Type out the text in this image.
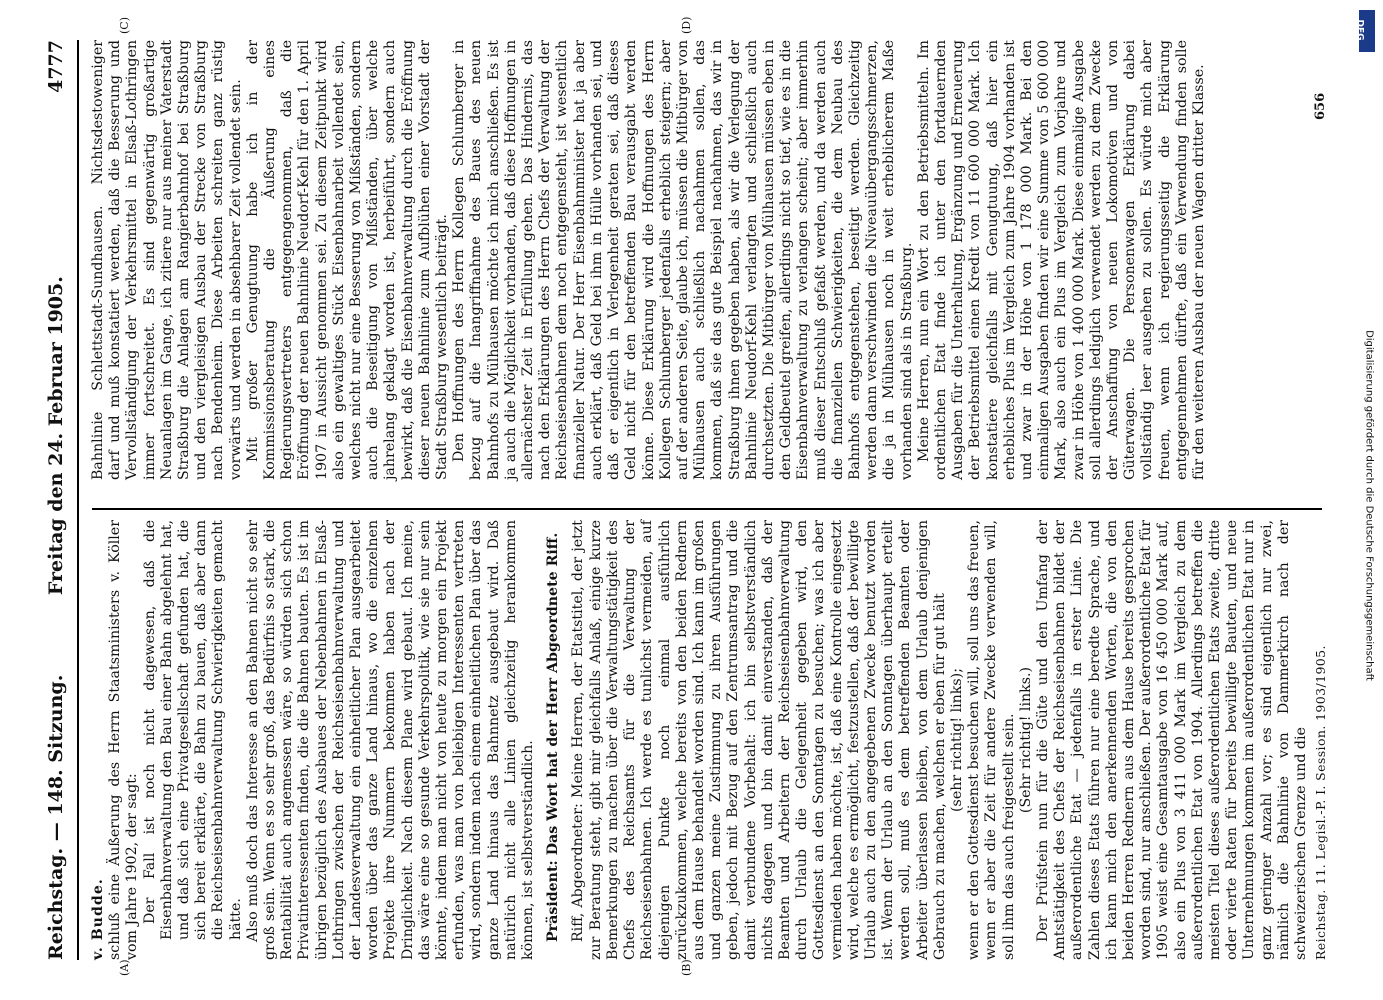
Reichstag. — 148. Sitzung.
Freitag den 24. Februar 1905.  4777
(A)	(B)
(C)	(D)

v. Budde. schluß eine Äußerung des Herrn Staatsministers v. Köller vom Jahre 1902, der sagt: Der Fall ist noch nicht dagewesen, daß die Eisenbahnverwaltung den Bau einer Bahn abgelehnt hat, und daß sich eine Privatgesellschaft gefunden hat, die sich bereit erklärte, die Bahn zu bauen, daß aber dann die Reichseisenbahnverwaltung Schwierigkeiten gemacht hätte. Also muß doch das Interesse an den Bahnen nicht so sehr groß sein. Wenn es so sehr groß, das Bedürfnis so stark, die Rentabilität auch angemessen wäre, so würden sich schon Privatinteressenten finden, die die Bahnen bauten. Es ist im übrigen bezüglich des Ausbaues der Nebenbahnen in Elsaß-Lothringen zwischen der Reichseisenbahnverwaltung und der Landesverwaltung ein einheitlicher Plan ausgearbeitet worden über das ganze Land hinaus, wo die einzelnen Projekte ihre Nummern bekommen haben nach der Dringlichkeit. Nach diesem Plane wird gebaut. Ich meine, das wäre eine so gesunde Verkehrspolitik, wie sie nur sein könnte, indem man nicht von heute zu morgen ein Projekt erfunden, was man von beliebigen Interessenten vertreten wird, sondern indem nach einem einheitlichen Plan über das ganze Land hinaus das Bahnnetz ausgebaut wird. Daß natürlich nicht alle Linien gleichzeitig herankommen können, ist selbstverständlich. Präsident: Das Wort hat der Herr Abgeordnete Riff. Riff, Abgeordneter: Meine Herren, der Etatstitel, der jetzt zur Beratung steht, gibt mir gleichfalls Anlaß, einige kurze Bemerkungen zu machen über die Verwaltungstätigkeit des Chefs des Reichsamts für die Verwaltung der Reichseisenbahnen. Ich werde es tunlichst vermeiden, auf diejenigen Punkte noch einmal ausführlich zurückzukommen, welche bereits von den beiden Rednern aus dem Hause behandelt worden sind. Ich kann im großen und ganzen meine Zustimmung zu ihren Ausführungen geben, jedoch mit Bezug auf den Zentrumsantrag und die damit verbundene Vorbehalt: ich bin selbstverständlich nichts dagegen und bin damit einverstanden, daß der Beamten und Arbeitern der Reichseisenbahnverwaltung durch Urlaub die Gelegenheit gegeben wird, den Gottesdienst an den Sonntagen zu besuchen; was ich aber vermieden haben möchte, ist, daß eine Kontrolle eingesetzt wird, welche es ermöglicht, festzustellen, daß der bewilligte Urlaub auch zu den angegebenen Zwecke benutzt worden ist. Wenn der Urlaub an den Sonntagen überhaupt erteilt werden soll, muß es dem betreffenden Beamten oder Arbeiter überlassen bleiben, von dem Urlaub denjenigen Gebrauch zu machen, welchen er eben für gut hält (sehr richtig! links); wenn er den Gottesdienst besuchen will, soll uns das freuen, wenn er aber die Zeit für andere Zwecke verwenden will, soll ihm das auch freigestellt sein. (Sehr richtig! links.) Der Prüfstein nun für die Güte und den Umfang der Amtstätigkeit des Chefs der Reichseisenbahnen bildet der außerordentliche Etat — jedenfalls in erster Linie. Die Zahlen dieses Etats führen nur eine beredte Sprache, und ich kann mich den anerkennenden Worten, die von den beiden Herren Rednern aus dem Hause bereits gesprochen worden sind, nur anschließen. Der außerordentliche Etat für 1905 weist eine Gesamtausgabe von 16 450 000 Mark auf, also ein Plus von 3 411 000 Mark im Vergleich zu dem außerordentlichen Etat von 1904. Allerdings betreffen die meisten Titel dieses außerordentlichen Etats zweite, dritte oder vierte Raten für bereits bewilligte Bauten, und neue Unternehmungen kommen im außerordentlichen Etat nur in ganz geringer Anzahl vor; es sind eigentlich nur zwei, nämlich die Bahnlinie von Dammerkirch nach der schweizerischen Grenze und die

Bahnlinie Schlettstadt-Sundhausen. Nichtsdestoweniger darf und muß konstatiert werden, daß die Besserung und Vervollständigung der Verkehrsmittel in Elsaß-Lothringen immer fortschreitet. Es sind gegenwärtig großartige Neuanlagen im Gange, ich zitiere nur aus meiner Vaterstadt Straßburg die Anlagen am Rangierbahnhof bei Straßburg und den viergleisigen Ausbau der Strecke von Straßburg nach Bendenheim. Diese Arbeiten schreiten ganz rüstig vorwärts und werden in absehbarer Zeit vollendet sein. Mit großer Genugtuung habe ich in der Kommissionsberatung die Äußerung eines Regierungsvertreters entgegengenommen, daß die Eröffnung der neuen Bahnlinie Neudorf-Kehl für den 1. April 1907 in Aussicht genommen sei. Zu diesem Zeitpunkt wird also ein gewaltiges Stück Eisenbahnarbeit vollendet sein, welches nicht nur eine Besserung von Mißständen, sondern auch die Beseitigung von Mißständen, über welche jahrelang geklagt worden ist, herbeiführt, sondern auch bewirkt, daß die Eisenbahnverwaltung durch die Eröffnung dieser neuen Bahnlinie zum Aufblühen einer Vorstadt der Stadt Straßburg wesentlich beiträgt. Den Hoffnungen des Herrn Kollegen Schlumberger in bezug auf die Inangriffnahme des Baues des neuen Bahnhofs zu Mülhausen möchte ich mich anschließen. Es ist ja auch die Möglichkeit vorhanden, daß diese Hoffnungen in allernächster Zeit in Erfüllung gehen. Das Hindernis, das nach den Erklärungen des Herrn Chefs der Verwaltung der Reichseisenbahnen dem noch entgegensteht, ist wesentlich finanzieller Natur. Der Herr Eisenbahnminister hat ja aber auch erklärt, daß Geld bei ihm in Hülle vorhanden sei, und daß er eigentlich in Verlegenheit geraten sei, daß dieses Geld nicht für den betreffenden Bau verausgabt werden könne. Diese Erklärung wird die Hoffnungen des Herrn Kollegen Schlumberger jedenfalls erheblich steigern; aber auf der anderen Seite, glaube ich, müssen die Mitbürger von Mülhausen auch schließlich nachahmen sollen, das kommen, daß sie das gute Beispiel nachahmen, das wir in Straßburg ihnen gegeben haben, als wir die Verlegung der Bahnlinie Neudorf-Kehl verlangten und schließlich auch durchsetzten. Die Mitbürger von Mülhausen müssen eben in den Geldbeutel greifen, allerdings nicht so tief, wie es in die Eisenbahnverwaltung zu verlangen scheint; aber immerhin muß dieser Entschluß gefaßt werden, und da werden auch die finanziellen Schwierigkeiten, die dem Neubau des Bahnhofs entgegenstehen, beseitigt werden. Gleichzeitig werden dann verschwinden die Niveauübergangsschmerzen, die ja in Mülhausen noch in weit erheblicherem Maße vorhanden sind als in Straßburg. Meine Herren, nun ein Wort zu den Betriebsmitteln. Im ordentlichen Etat finde ich unter den fortdauernden Ausgaben für die Unterhaltung, Ergänzung und Erneuerung der Betriebsmittel einen Kredit von 11 600 000 Mark. Ich konstatiere gleichfalls mit Genugtuung, daß hier ein erhebliches Plus im Vergleich zum Jahre 1904 vorhanden ist und zwar in der Höhe von 1 178 000 Mark. Bei den einmaligen Ausgaben finden wir eine Summe von 5 600 000 Mark, also auch ein Plus im Vergleich zum Vorjahre und zwar in Höhe von 1 400 000 Mark. Diese einmalige Ausgabe soll allerdings lediglich verwendet werden zu dem Zwecke der Anschaffung von neuen Lokomotiven und von Güterwagen. Die Personenwagen Erklärung dabei vollständig leer ausgehen zu sollen. Es würde mich aber freuen, wenn ich regierungsseitig die Erklärung entgegennehmen dürfte, daß ein Verwendung finden solle für den weiteren Ausbau der neuen Wagen dritter Klasse.

Reichstag. 11. Legisl.-P. I. Session. 1903/1905.
656
DFG
Digitalisierung gefördert durch die Deutsche Forschungsgemeinschaft
